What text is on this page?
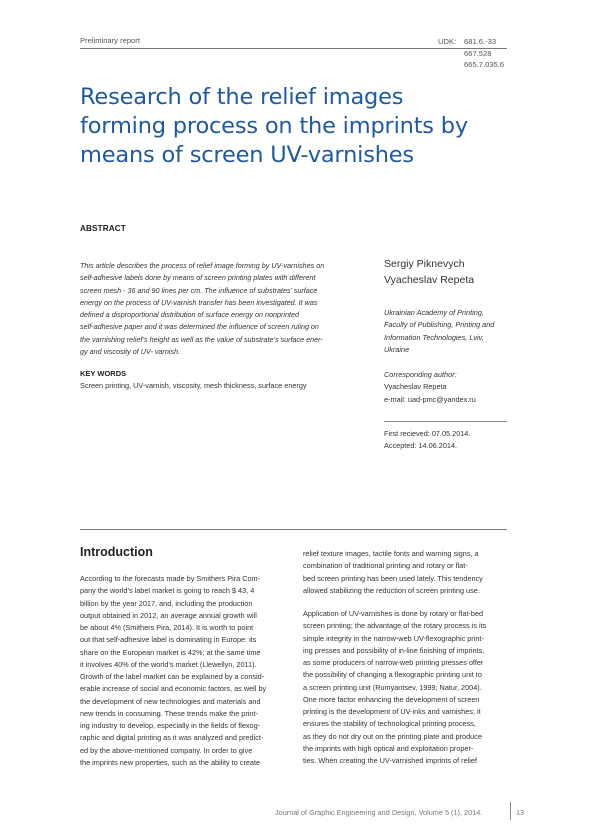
Preliminary report	UDK:	681.6.-33
667.528
665.7.035.6
Research of the relief images
forming process on the imprints by
means of screen UV-varnishes
ABSTRACT
This article describes the process of relief image forming by UV-varnishes on
self-adhesive labels done by means of screen printing plates with different
screen mesh - 36 and 90 lines per cm. The influence of substrates’ surface
energy on the process of UV-varnish transfer has been investigated. It was
defined a disproportional distribution of surface energy on nonprinted
self-adhesive paper and it was determined the influence of screen ruling on
the varnishing relief’s height as well as the value of substrate’s surface ener-
gy and viscosity of UV- varnish.
KEY WORDS
Screen printing, UV-varnish, viscosity, mesh thickness, surface energy
Sergiy Piknevych
Vyacheslav Repeta
Ukrainian Academy of Printing,
Faculty of Publishing, Printing and
Information Technologies, Lviv,
Ukraine
Corresponding author:
Vyacheslav Repeta
e-mail: uad-pmc@yandex.ru
First recieved: 07.05.2014.
Accepted: 14.06.2014.
Introduction
According to the forecasts made by Smithers Pira Com-
pany the world’s label market is going to reach $ 43, 4
billion by the year 2017, and, including the production
output obtained in 2012, an average annual growth will
be about 4% (Smithers Pira, 2014). It is worth to point
out that self-adhesive label is dominating in Europe: its
share on the European market is 42%; at the same time
it involves 40% of the world’s market (Llewellyn, 2011).
Growth of the label market can be explained by a consid-
erable increase of social and economic factors, as well by
the development of new technologies and materials and
new trends in consuming. These trends make the print-
ing industry to develop, especially in the fields of flexog-
raphic and digital printing as it was analyzed and predict-
ed by the above-mentioned company. In order to give
the imprints new properties, such as the ability to create
relief texture images, tactile fonts and warning signs, a
combination of traditional printing and rotary or flat-
bed screen printing has been used lately. This tendency
allowed stabilizing the reduction of screen printing use.
Application of UV-varnishes is done by rotary or flat-bed
screen printing; the advantage of the rotary process is its
simple integrity in the narrow-web UV-flexographic print-
ing presses and possibility of in-line finishing of imprints,
as some producers of narrow-web printing presses offer
the possibility of changing a flexographic printing unit to
a screen printing unit (Rumyantsev, 1999; Natur, 2004).
One more factor enhancing the development of screen
printing is the development of UV-inks and varnishes; it
ensures the stability of technological printing process,
as they do not dry out on the printing plate and produce
the imprints with high optical and exploitation proper-
ties. When creating the UV-varnished imprints of relief
Journal of Graphic Engineering and Design, Volume 5 (1), 2014.	13
